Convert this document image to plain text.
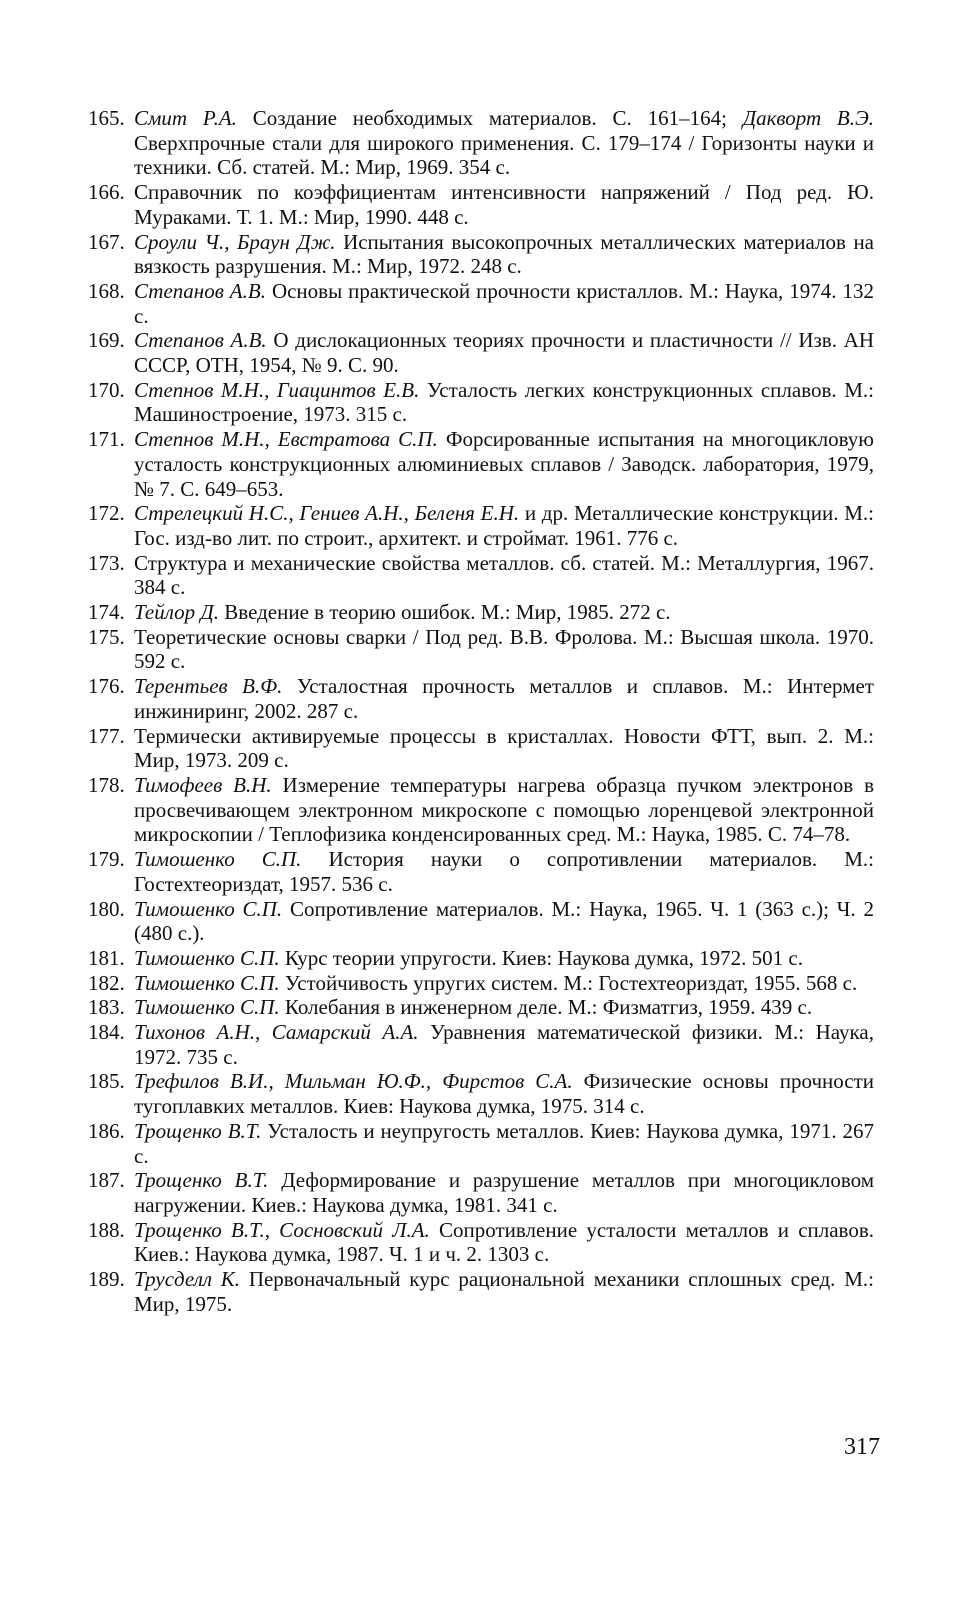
165. Смит Р.А. Создание необходимых материалов. С. 161–164; Дакворт В.Э. Сверхпрочные стали для широкого применения. С. 179–174 / Горизонты науки и техники. Сб. статей. М.: Мир, 1969. 354 с.
166. Справочник по коэффициентам интенсивности напряжений / Под ред. Ю. Мураками. Т. 1. М.: Мир, 1990. 448 с.
167. Сроули Ч., Браун Дж. Испытания высокопрочных металлических материалов на вязкость разрушения. М.: Мир, 1972. 248 с.
168. Степанов А.В. Основы практической прочности кристаллов. М.: Наука, 1974. 132 с.
169. Степанов А.В. О дислокационных теориях прочности и пластичности // Изв. АН СССР, ОТН, 1954, № 9. С. 90.
170. Степнов М.Н., Гиацинтов Е.В. Усталость легких конструкционных сплавов. М.: Машиностроение, 1973. 315 с.
171. Степнов М.Н., Евстратова С.П. Форсированные испытания на многоцикловую усталость конструкционных алюминиевых сплавов / Заводск. лаборатория, 1979, № 7. С. 649–653.
172. Стрелецкий Н.С., Гениев А.Н., Беленя Е.Н. и др. Металлические конструкции. М.: Гос. изд-во лит. по строит., архитект. и строймат. 1961. 776 с.
173. Структура и механические свойства металлов. сб. статей. М.: Металлургия, 1967. 384 с.
174. Тейлор Д. Введение в теорию ошибок. М.: Мир, 1985. 272 с.
175. Теоретические основы сварки / Под ред. В.В. Фролова. М.: Высшая школа. 1970. 592 с.
176. Терентьев В.Ф. Усталостная прочность металлов и сплавов. М.: Интермет инжиниринг, 2002. 287 с.
177. Термически активируемые процессы в кристаллах. Новости ФТТ, вып. 2. М.: Мир, 1973. 209 с.
178. Тимофеев В.Н. Измерение температуры нагрева образца пучком электронов в просвечивающем электронном микроскопе с помощью лоренцевой электронной микроскопии / Теплофизика конденсированных сред. М.: Наука, 1985. С. 74–78.
179. Тимошенко С.П. История науки о сопротивлении материалов. М.: Гостехтеориздат, 1957. 536 с.
180. Тимошенко С.П. Сопротивление материалов. М.: Наука, 1965. Ч. 1 (363 с.); Ч. 2 (480 с.).
181. Тимошенко С.П. Курс теории упругости. Киев: Наукова думка, 1972. 501 с.
182. Тимошенко С.П. Устойчивость упругих систем. М.: Гостехтеориздат, 1955. 568 с.
183. Тимошенко С.П. Колебания в инженерном деле. М.: Физматгиз, 1959. 439 с.
184. Тихонов А.Н., Самарский А.А. Уравнения математической физики. М.: Наука, 1972. 735 с.
185. Трефилов В.И., Мильман Ю.Ф., Фирстов С.А. Физические основы прочности тугоплавких металлов. Киев: Наукова думка, 1975. 314 с.
186. Трощенко В.Т. Усталость и неупругость металлов. Киев: Наукова думка, 1971. 267 с.
187. Трощенко В.Т. Деформирование и разрушение металлов при многоцикловом нагружении. Киев.: Наукова думка, 1981. 341 с.
188. Трощенко В.Т., Сосновский Л.А. Сопротивление усталости металлов и сплавов. Киев.: Наукова думка, 1987. Ч. 1 и ч. 2. 1303 с.
189. Трусделл К. Первоначальный курс рациональной механики сплошных сред. М.: Мир, 1975.
317
